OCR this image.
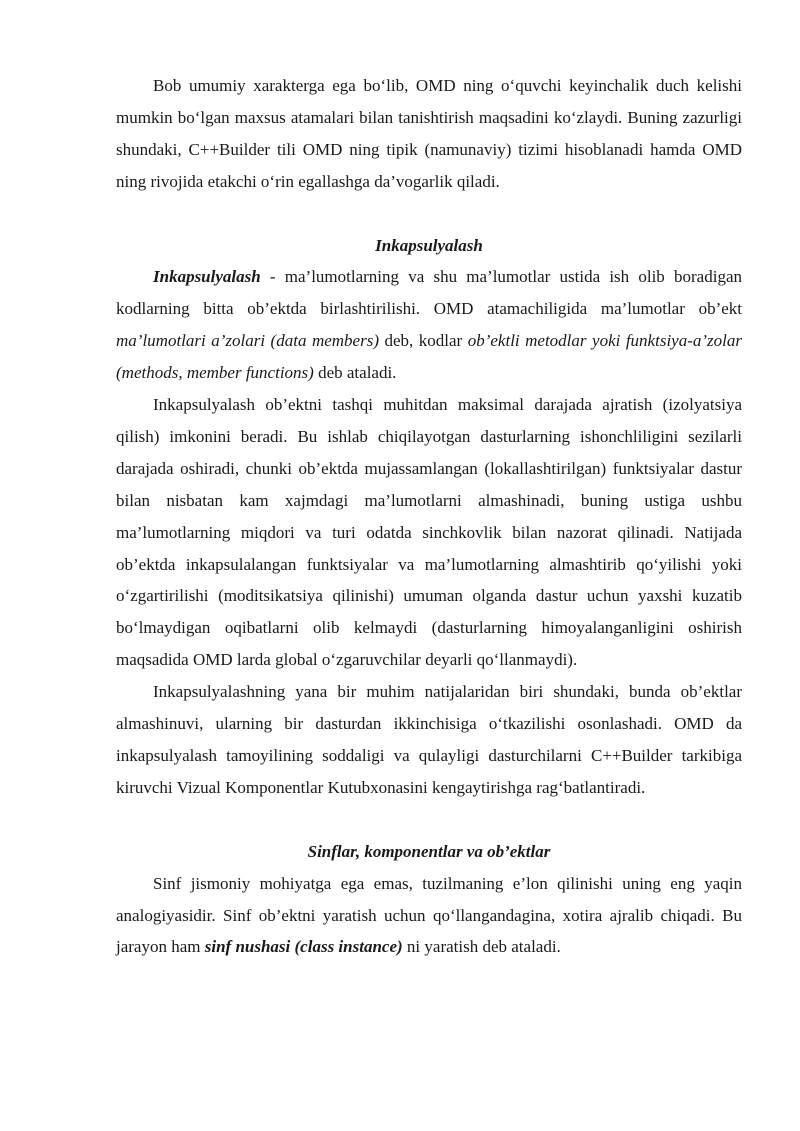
Bob umumiy xarakterga ega bo‘lib, OMD ning o‘quvchi keyinchalik duch kelishi mumkin bo‘lgan maxsus atamalari bilan tanishtirish maqsadini ko‘zlaydi. Buning zazurligi shundaki, C++Builder tili OMD ning tipik (namunaviy) tizimi hisoblanadi hamda OMD ning rivojida etakchi o‘rin egallashga da’vogarlik qiladi.

Inkapsulyalash

Inkapsulyalash - ma’lumotlarning va shu ma’lumotlar ustida ish olib boradigan kodlarning bitta ob’ektda birlashtirilishi. OMD atamachiligida ma’lumotlar ob’ekt ma’lumotlari a’zolari (data members) deb, kodlar ob’ektli metodlar yoki funktsiya-a’zolar (methods, member functions) deb ataladi.

Inkapsulyalash ob’ektni tashqi muhitdan maksimal darajada ajratish (izolyatsiya qilish) imkonini beradi. Bu ishlab chiqilayotgan dasturlarning ishonchliligini sezilarli darajada oshiradi, chunki ob’ektda mujassamlangan (lokallashtirilgan) funktsiyalar dastur bilan nisbatan kam xajmdagi ma’lumotlarni almashinadi, buning ustiga ushbu ma’lumotlarning miqdori va turi odatda sinchkovlik bilan nazorat qilinadi. Natijada ob’ektda inkapsulalangan funktsiyalar va ma’lumotlarning almashtirib qo‘yilishi yoki o‘zgartirilishi (moditsikatsiya qilinishi) umuman olganda dastur uchun yaxshi kuzatib bo‘lmaydigan oqibatlarni olib kelmaydi (dasturlarning himoyalanganligini oshirish maqsadida OMD larda global o‘zgaruvchilar deyarli qo‘llanmaydi).

Inkapsulyalashning yana bir muhim natijalaridan biri shundaki, bunda ob’ektlar almashinuvi, ularning bir dasturdan ikkinchisiga o‘tkazilishi osonlashadi. OMD da inkapsulyalash tamoyilining soddaligi va qulayligi dasturchilarni C++Builder tarkibiga kiruvchi Vizual Komponentlar Kutubxonasini kengaytirishga rag‘batlantiradi.

Sinflar, komponentlar va ob’ektlar

Sinf jismoniy mohiyatga ega emas, tuzilmaning e’lon qilinishi uning eng yaqin analogiyasidir. Sinf ob’ektni yaratish uchun qo‘llangandagina, xotira ajralib chiqadi. Bu jarayon ham sinf nushasi (class instance) ni yaratish deb ataladi.
